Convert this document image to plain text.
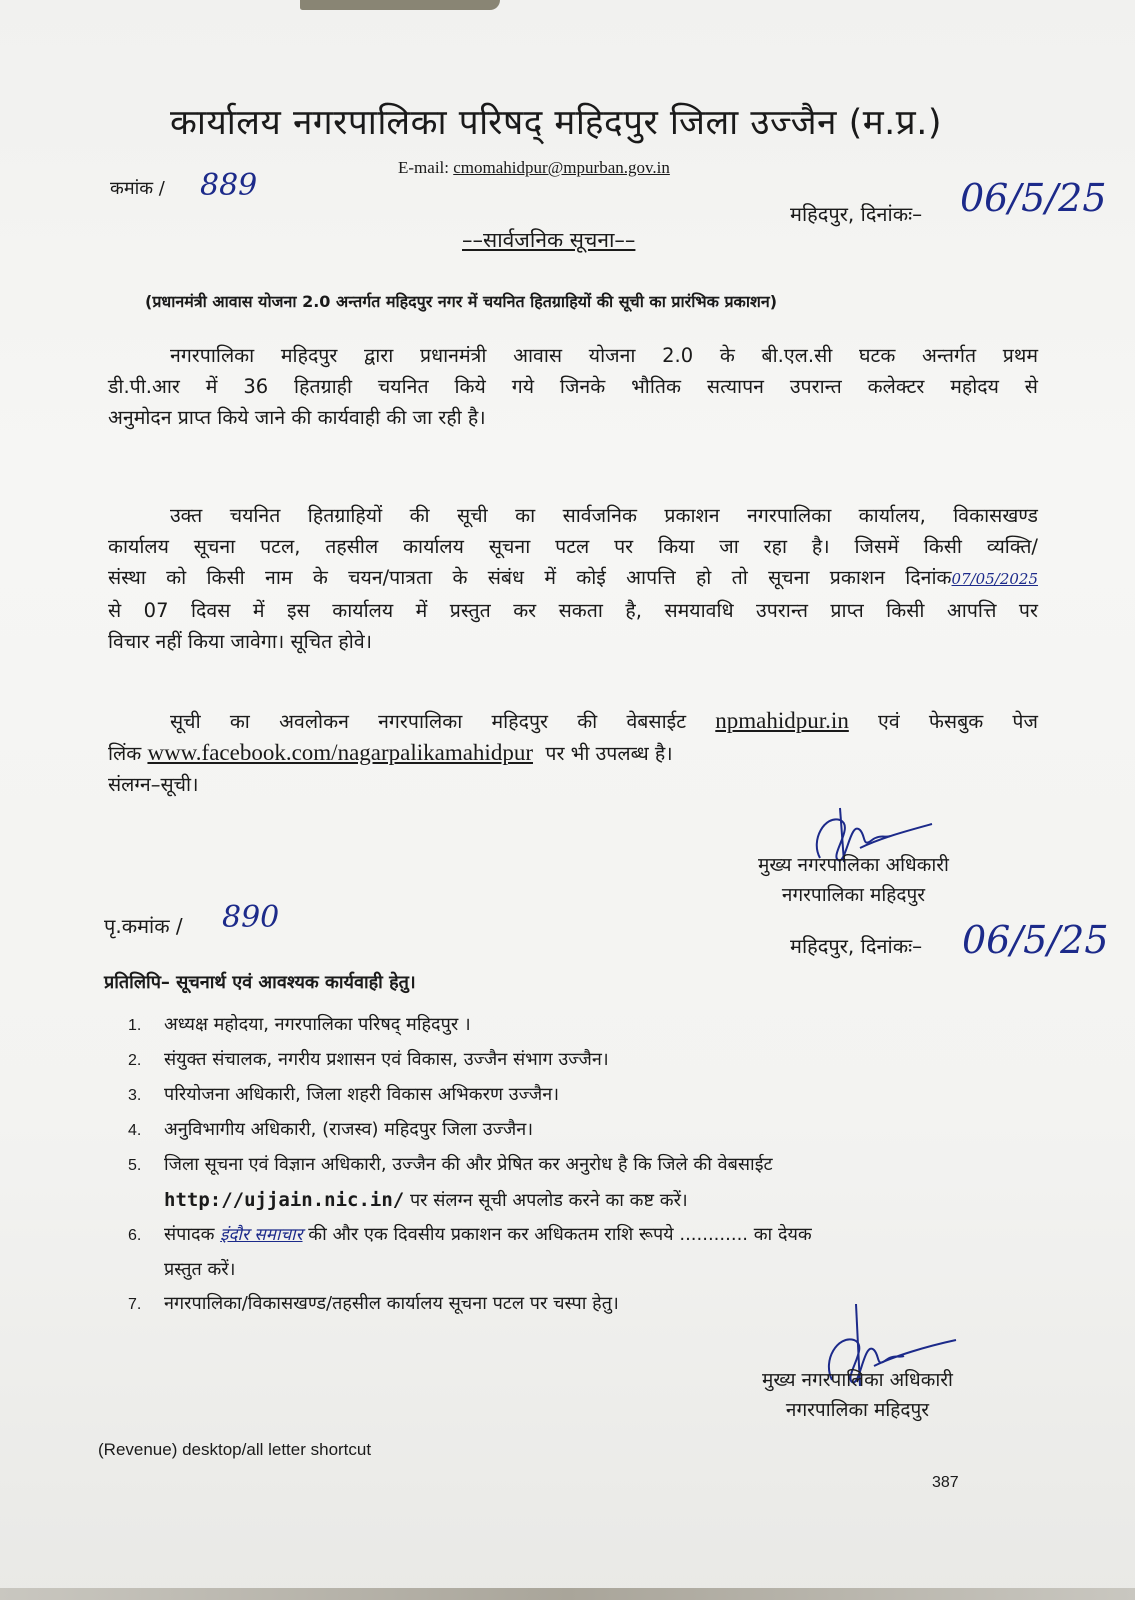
कार्यालय नगरपालिका परिषद् महिदपुर जिला उज्जैन (म.प्र.)
E-mail: cmomahidpur@mpurban.gov.in
कमांक / 889
महिदपुर, दिनांकः– 06/5/25
––सार्वजनिक सूचना––
(प्रधानमंत्री आवास योजना 2.0 अन्तर्गत महिदपुर नगर में चयनित हितग्राहियों की सूची का प्रारंभिक प्रकाशन)
नगरपालिका महिदपुर द्वारा प्रधानमंत्री आवास योजना 2.0 के बी.एल.सी घटक अन्तर्गत प्रथम
डी.पी.आर में 36 हितग्राही चयनित किये गये जिनके भौतिक सत्यापन उपरान्त कलेक्टर महोदय से
अनुमोदन प्राप्त किये जाने की कार्यवाही की जा रही है।
उक्त चयनित हितग्राहियों की सूची का सार्वजनिक प्रकाशन नगरपालिका कार्यालय, विकासखण्ड
कार्यालय सूचना पटल, तहसील कार्यालय सूचना पटल पर किया जा रहा है। जिसमें किसी व्यक्ति/
संस्था को किसी नाम के चयन/पात्रता के संबंध में कोई आपत्ति हो तो सूचना प्रकाशन दिनांक07/05/2025
से 07 दिवस में इस कार्यालय में प्रस्तुत कर सकता है, समयावधि उपरान्त प्राप्त किसी आपत्ति पर
विचार नहीं किया जावेगा। सूचित होवे।
सूची का अवलोकन नगरपालिका महिदपुर की वेबसाईट npmahidpur.in एवं फेसबुक पेज
लिंक www.facebook.com/nagarpalikamahidpur पर भी उपलब्ध है।
संलग्न–सूची।
मुख्य नगरपालिका अधिकारी
नगरपालिका महिदपुर
पृ.कमांक / 890
महिदपुर, दिनांकः– 06/5/25
प्रतिलिपि– सूचनार्थ एवं आवश्यक कार्यवाही हेतु।
1. अध्यक्ष महोदया, नगरपालिका परिषद् महिदपुर ।
2. संयुक्त संचालक, नगरीय प्रशासन एवं विकास, उज्जैन संभाग उज्जैन।
3. परियोजना अधिकारी, जिला शहरी विकास अभिकरण उज्जैन।
4. अनुविभागीय अधिकारी, (राजस्व) महिदपुर जिला उज्जैन।
5. जिला सूचना एवं विज्ञान अधिकारी, उज्जैन की और प्रेषित कर अनुरोध है कि जिले की वेबसाईट
http://ujjain.nic.in/ पर संलग्न सूची अपलोड करने का कष्ट करें।
6. संपादक इंदौर समाचार की और एक दिवसीय प्रकाशन कर अधिकतम राशि रूपये ............ का देयक
प्रस्तुत करें।
7. नगरपालिका/विकासखण्ड/तहसील कार्यालय सूचना पटल पर चस्पा हेतु।
मुख्य नगरपालिका अधिकारी
नगरपालिका महिदपुर
(Revenue) desktop/all letter shortcut
387
